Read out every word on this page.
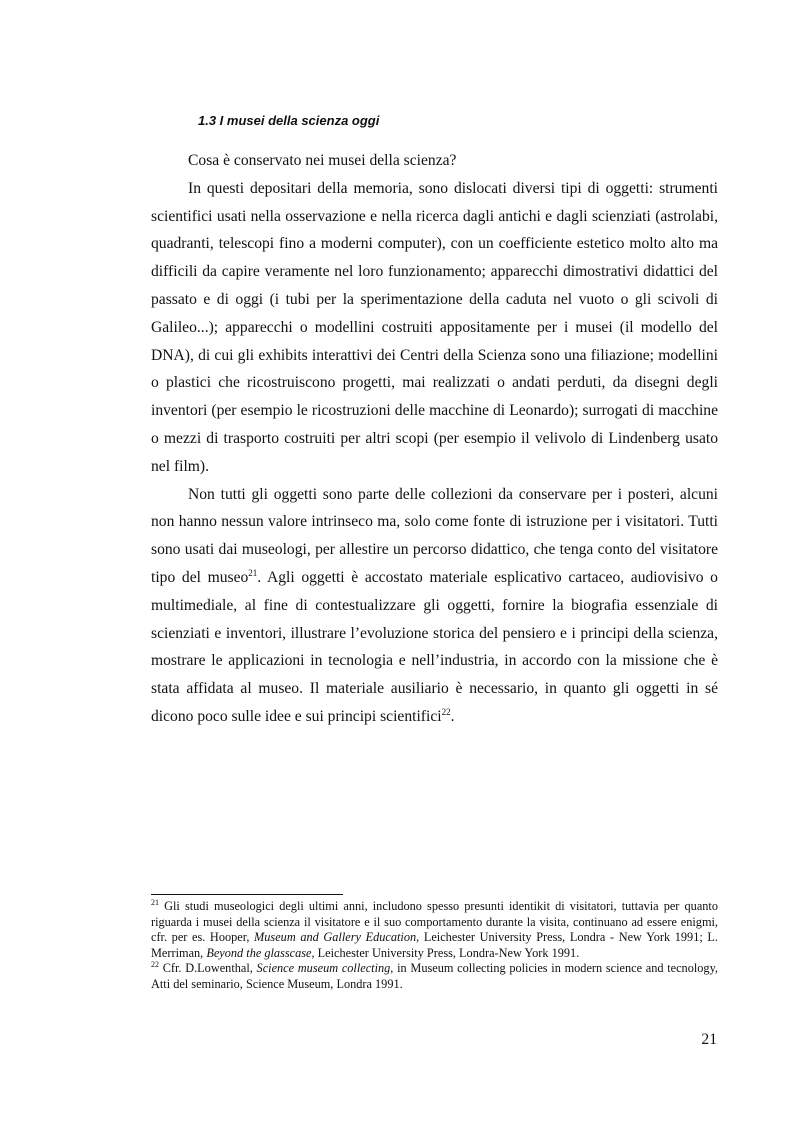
1.3 I musei della scienza oggi

Cosa è conservato nei musei della scienza?

In questi depositari della memoria, sono dislocati diversi tipi di oggetti: strumenti scientifici usati nella osservazione e nella ricerca dagli antichi e dagli scienziati (astrolabi, quadranti, telescopi fino a moderni computer), con un coefficiente estetico molto alto ma difficili da capire veramente nel loro funzionamento; apparecchi dimostrativi didattici del passato e di oggi (i tubi per la sperimentazione della caduta nel vuoto o gli scivoli di Galileo...); apparecchi o modellini costruiti appositamente per i musei (il modello del DNA), di cui gli exhibits interattivi dei Centri della Scienza sono una filiazione; modellini o plastici che ricostruiscono progetti, mai realizzati o andati perduti, da disegni degli inventori (per esempio le ricostruzioni delle macchine di Leonardo); surrogati di macchine o mezzi di trasporto costruiti per altri scopi (per esempio il velivolo di Lindenberg usato nel film).

Non tutti gli oggetti sono parte delle collezioni da conservare per i posteri, alcuni non hanno nessun valore intrinseco ma, solo come fonte di istruzione per i visitatori. Tutti sono usati dai museologi, per allestire un percorso didattico, che tenga conto del visitatore tipo del museo$^{21}$. Agli oggetti è accostato materiale esplicativo cartaceo, audiovisivo o multimediale, al fine di contestualizzare gli oggetti, fornire la biografia essenziale di scienziati e inventori, illustrare l’evoluzione storica del pensiero e i principi della scienza, mostrare le applicazioni in tecnologia e nell’industria, in accordo con la missione che è stata affidata al museo. Il materiale ausiliario è necessario, in quanto gli oggetti in sé dicono poco sulle idee e sui principi scientifici$^{22}$.

$^{21}$ Gli studi museologici degli ultimi anni, includono spesso presunti identikit di visitatori, tuttavia per quanto riguarda i musei della scienza il visitatore e il suo comportamento durante la visita, continuano ad essere enigmi, cfr. per es. Hooper, Museum and Gallery Education, Leichester University Press, Londra - New York 1991; L. Merriman, Beyond the glasscase, Leichester University Press, Londra-New York 1991.

$^{22}$ Cfr. D.Lowenthal, Science museum collecting, in Museum collecting policies in modern science and tecnology, Atti del seminario, Science Museum, Londra 1991.

21
